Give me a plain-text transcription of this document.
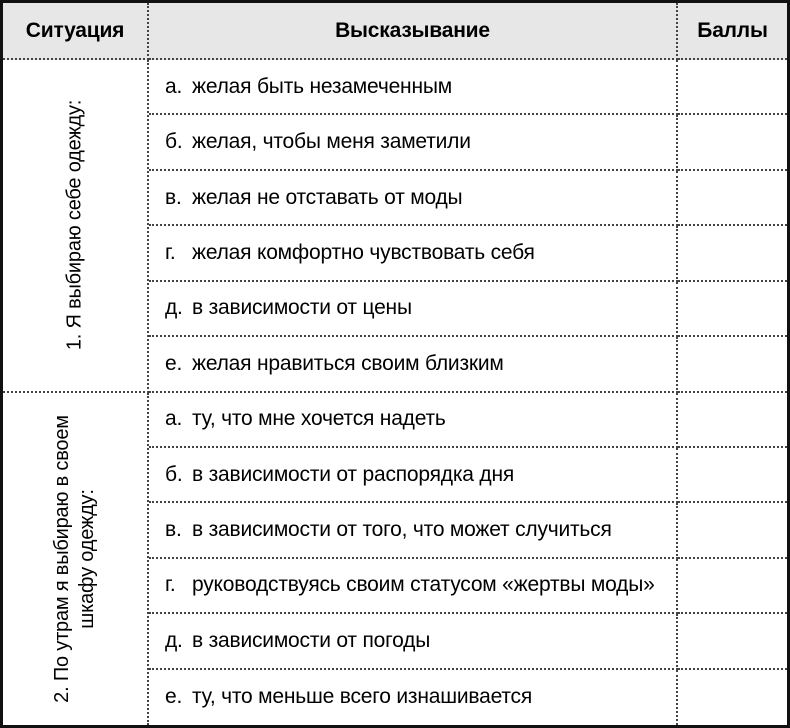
Ситуация	Высказывание	Баллы
1. Я выбираю себе одежду:
а. желая быть незамеченным
б. желая, чтобы меня заметили
в. желая не отставать от моды
г. желая комфортно чувствовать себя
д. в зависимости от цены
е. желая нравиться своим близким
2. По утрам я выбираю в своем шкафу одежду:
а. ту, что мне хочется надеть
б. в зависимости от распорядка дня
в. в зависимости от того, что может случиться
г. руководствуясь своим статусом «жертвы моды»
д. в зависимости от погоды
е. ту, что меньше всего изнашивается
